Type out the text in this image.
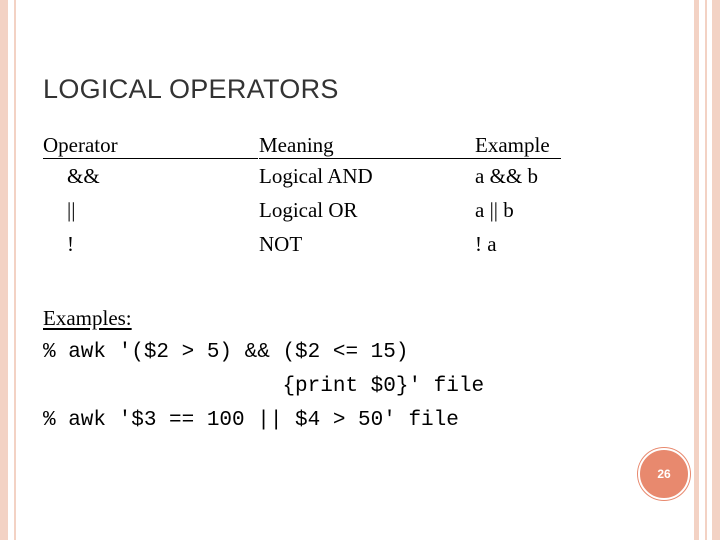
LOGICAL OPERATORS
Operator
&&
||
!
Meaning
Logical AND
Logical OR
NOT
Example
a && b
a || b
! a
Examples:
% awk '($2 > 5) && ($2 <= 15)
{print $0}' file
% awk '$3 == 100 || $4 > 50' file
26
